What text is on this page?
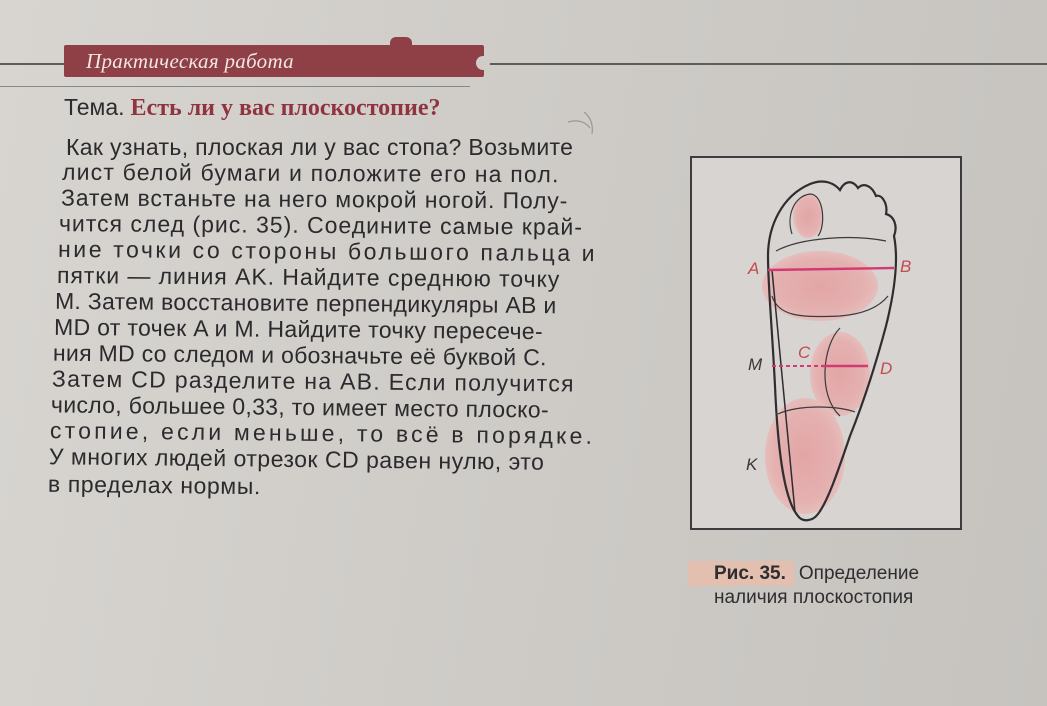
Практическая работа
Тема. Есть ли у вас плоскостопие?
Как узнать, плоская ли у вас стопа? Возьмите
лист белой бумаги и положите его на пол.
Затем встаньте на него мокрой ногой. Полу-
чится след (рис. 35). Соедините самые край-
ние точки со стороны большого пальца и
пятки — линия AK. Найдите среднюю точку
M. Затем восстановите перпендикуляры AB и
MD от точек A и M. Найдите точку пересече-
ния MD со следом и обозначьте её буквой C.
Затем CD разделите на AB. Если получится
число, большее 0,33, то имеет место плоско-
стопие, если меньше, то всё в порядке.
У многих людей отрезок CD равен нулю, это
в пределах нормы.
A	B
M
C
D
K
Рис. 35. Определение
наличия плоскостопия
